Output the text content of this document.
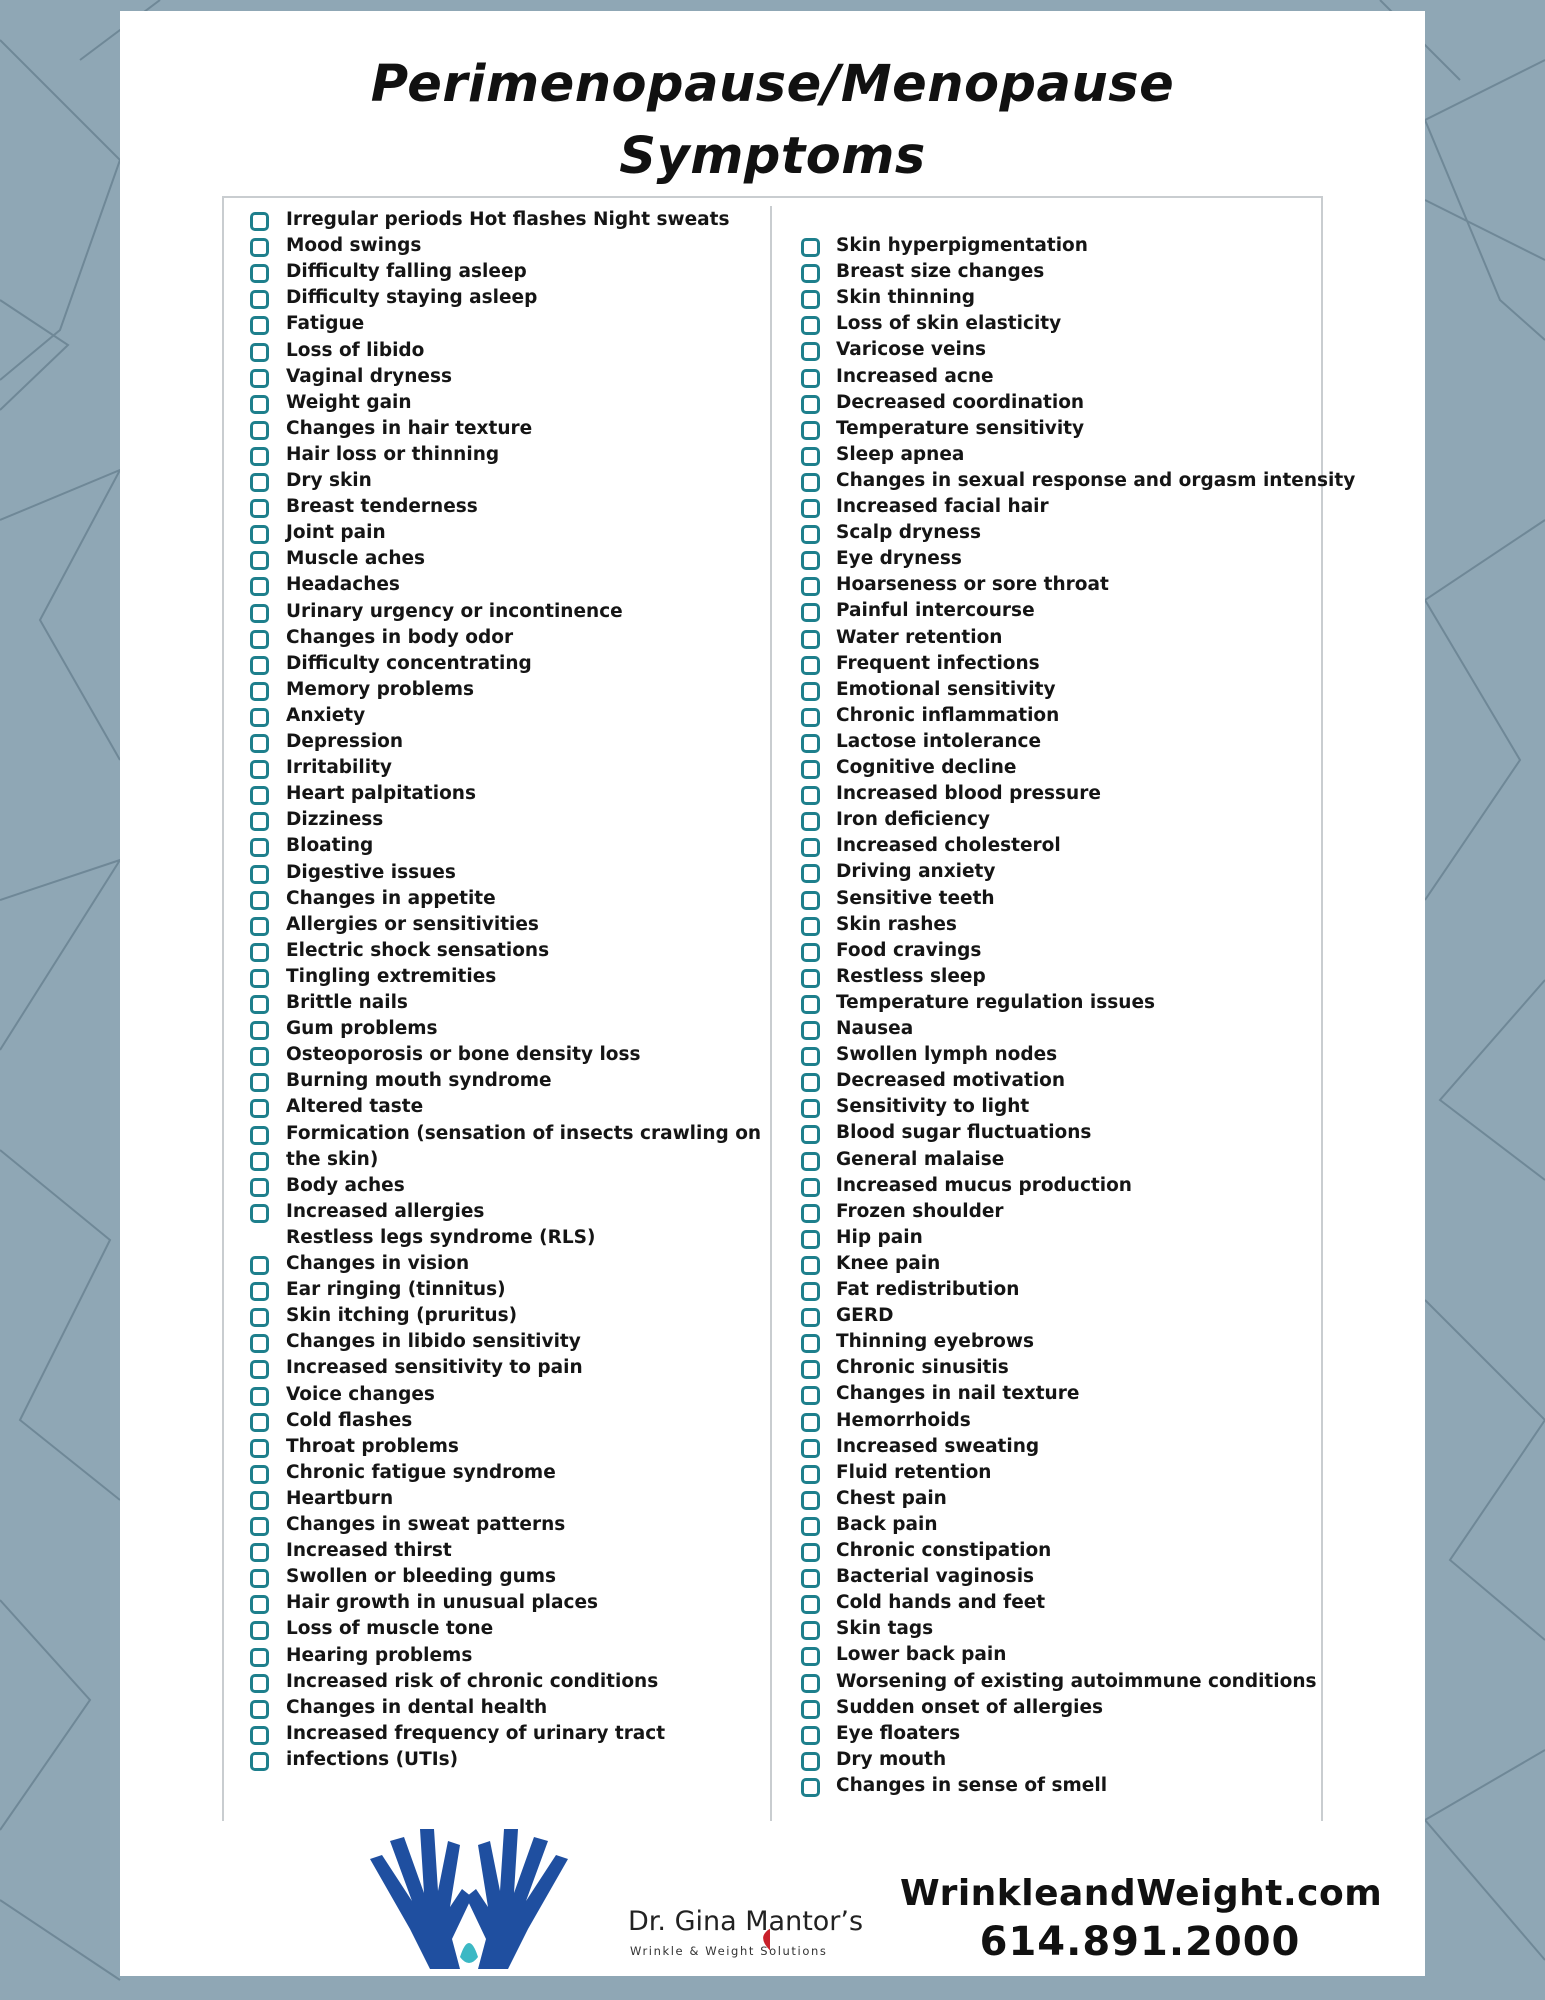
Perimenopause/Menopause
Symptoms
Irregular periods Hot flashes Night sweats Mood swings
Difficulty falling asleep
Difficulty staying asleep
Fatigue
Loss of libido
Vaginal dryness
Weight gain
Changes in hair texture
Hair loss or thinning
Dry skin
Breast tenderness
Joint pain
Muscle aches
Headaches
Urinary urgency or incontinence
Changes in body odor
Difficulty concentrating
Memory problems
Anxiety
Depression
Irritability
Heart palpitations
Dizziness
Bloating
Digestive issues
Changes in appetite
Allergies or sensitivities
Electric shock sensations
Tingling extremities
Brittle nails
Gum problems
Osteoporosis or bone density loss
Burning mouth syndrome
Altered taste
Formication (sensation of insects crawling on the skin)
Body aches
Increased allergies
Restless legs syndrome (RLS)
Changes in vision
Ear ringing (tinnitus)
Skin itching (pruritus)
Changes in libido sensitivity
Increased sensitivity to pain
Voice changes
Cold flashes
Throat problems
Chronic fatigue syndrome
Heartburn
Changes in sweat patterns
Increased thirst
Swollen or bleeding gums
Hair growth in unusual places
Loss of muscle tone
Hearing problems
Increased risk of chronic conditions
Changes in dental health
Increased frequency of urinary tract infections (UTIs)
Skin hyperpigmentation
Breast size changes
Skin thinning
Loss of skin elasticity
Varicose veins
Increased acne
Decreased coordination
Temperature sensitivity
Sleep apnea
Changes in sexual response and orgasm intensity
Increased facial hair
Scalp dryness
Eye dryness
Hoarseness or sore throat
Painful intercourse
Water retention
Frequent infections
Emotional sensitivity
Chronic inflammation
Lactose intolerance
Cognitive decline
Increased blood pressure
Iron deficiency
Increased cholesterol
Driving anxiety
Sensitive teeth
Skin rashes
Food cravings
Restless sleep
Temperature regulation issues
Nausea
Swollen lymph nodes
Decreased motivation
Sensitivity to light
Blood sugar fluctuations
General malaise
Increased mucus production
Frozen shoulder
Hip pain
Knee pain
Fat redistribution
GERD
Thinning eyebrows
Chronic sinusitis
Changes in nail texture
Hemorrhoids
Increased sweating
Fluid retention
Chest pain
Back pain
Chronic constipation
Bacterial vaginosis
Cold hands and feet
Skin tags
Lower back pain
Worsening of existing autoimmune conditions
Sudden onset of allergies
Eye floaters
Dry mouth
Changes in sense of smell
Dr. Gina Mantor’s
Wrinkle & Weight Solutions
WrinkleandWeight.com
614.891.2000
